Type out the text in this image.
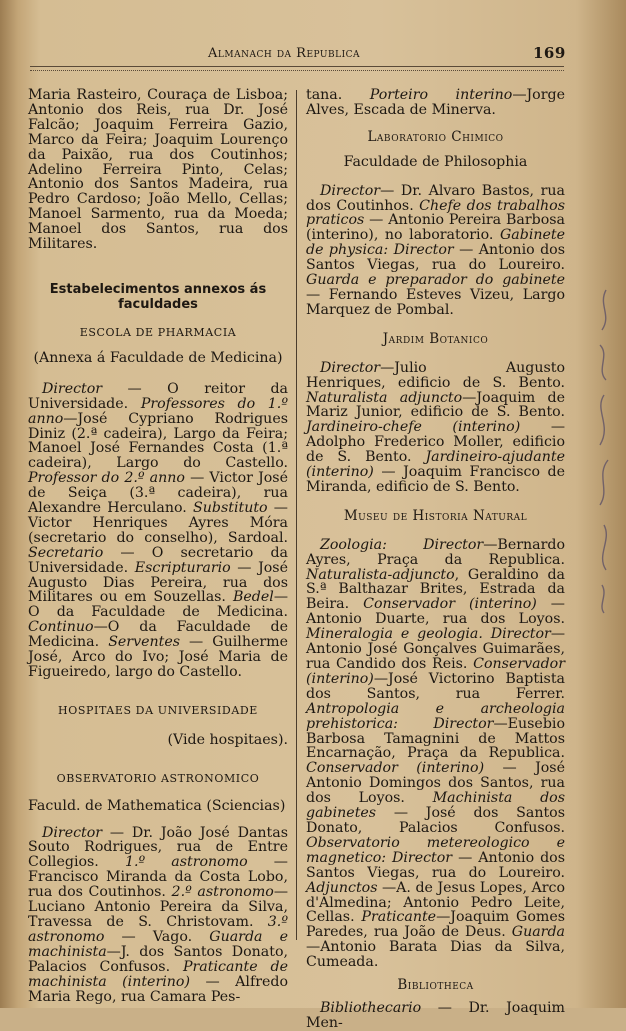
Almanach da Republica	169

Maria Rasteiro, Couraça de Lisboa; Antonio dos Reis, rua Dr. José Falcão; Joaquim Ferreira Gazio, Marco da Feira; Joaquim Lourenço da Paixão, rua dos Coutinhos; Adelino Ferreira Pinto, Celas; Antonio dos Santos Madeira, rua Pedro Cardoso; João Mello, Cellas; Manoel Sarmento, rua da Moeda; Manoel dos Santos, rua dos Militares.

Estabelecimentos annexos ás faculdades

ESCOLA DE PHARMACIA

(Annexa á Faculdade de Medicina)

Director — O reitor da Universidade. Professores do 1.º anno—José Cypriano Rodrigues Diniz (2.ª cadeira), Largo da Feira; Manoel José Fernandes Costa (1.ª cadeira), Largo do Castello. Professor do 2.º anno — Victor José de Seiça (3.ª cadeira), rua Alexandre Herculano. Substituto — Victor Henriques Ayres Móra (secretario do conselho), Sardoal. Secretario — O secretario da Universidade. Escripturario — José Augusto Dias Pereira, rua dos Militares ou em Souzellas. Bedel—O da Faculdade de Medicina. Continuo—O da Faculdade de Medicina. Serventes — Guilherme José, Arco do Ivo; José Maria de Figueiredo, largo do Castello.

HOSPITAES DA UNIVERSIDADE

(Vide hospitaes).

OBSERVATORIO ASTRONOMICO

Faculd. de Mathematica (Sciencias)

Director — Dr. João José Dantas Souto Rodrigues, rua de Entre Collegios. 1.º astronomo — Francisco Miranda da Costa Lobo, rua dos Coutinhos. 2.º astronomo—Luciano Antonio Pereira da Silva, Travessa de S. Christovam. 3.º astronomo — Vago. Guarda e machinista—J. dos Santos Donato, Palacios Confusos. Praticante de machinista (interino) — Alfredo Maria Rego, rua Camara Pes-

tana. Porteiro interino—Jorge Alves, Escada de Minerva.

Laboratorio Chimico

Faculdade de Philosophia

Director— Dr. Alvaro Bastos, rua dos Coutinhos. Chefe dos trabalhos praticos — Antonio Pereira Barbosa (interino), no laboratorio. Gabinete de physica: Director — Antonio dos Santos Viegas, rua do Loureiro. Guarda e preparador do gabinete — Fernando Esteves Vizeu, Largo Marquez de Pombal.

Jardim Botanico

Director—Julio Augusto Henriques, edificio de S. Bento. Naturalista adjuncto—Joaquim de Mariz Junior, edificio de S. Bento. Jardineiro-chefe (interino) — Adolpho Frederico Moller, edificio de S. Bento. Jardineiro-ajudante (interino) — Joaquim Francisco de Miranda, edificio de S. Bento.

Museu de Historia Natural

Zoologia: Director—Bernardo Ayres, Praça da Republica. Naturalista-adjuncto, Geraldino da S.ª Balthazar Brites, Estrada da Beira. Conservador (interino) — Antonio Duarte, rua dos Loyos. Mineralogia e geologia. Director—Antonio José Gonçalves Guimarães, rua Candido dos Reis. Conservador (interino)—José Victorino Baptista dos Santos, rua Ferrer. Antropologia e archeologia prehistorica: Director—Eusebio Barbosa Tamagnini de Mattos Encarnação, Praça da Republica. Conservador (interino) — José Antonio Domingos dos Santos, rua dos Loyos. Machinista dos gabinetes — José dos Santos Donato, Palacios Confusos. Observatorio metereologico e magnetico: Director — Antonio dos Santos Viegas, rua do Loureiro. Adjunctos —A. de Jesus Lopes, Arco d'Almedina; Antonio Pedro Leite, Cellas. Praticante—Joaquim Gomes Paredes, rua João de Deus. Guarda —Antonio Barata Dias da Silva, Cumeada.

Bibliotheca

Bibliothecario — Dr. Joaquim Men-
